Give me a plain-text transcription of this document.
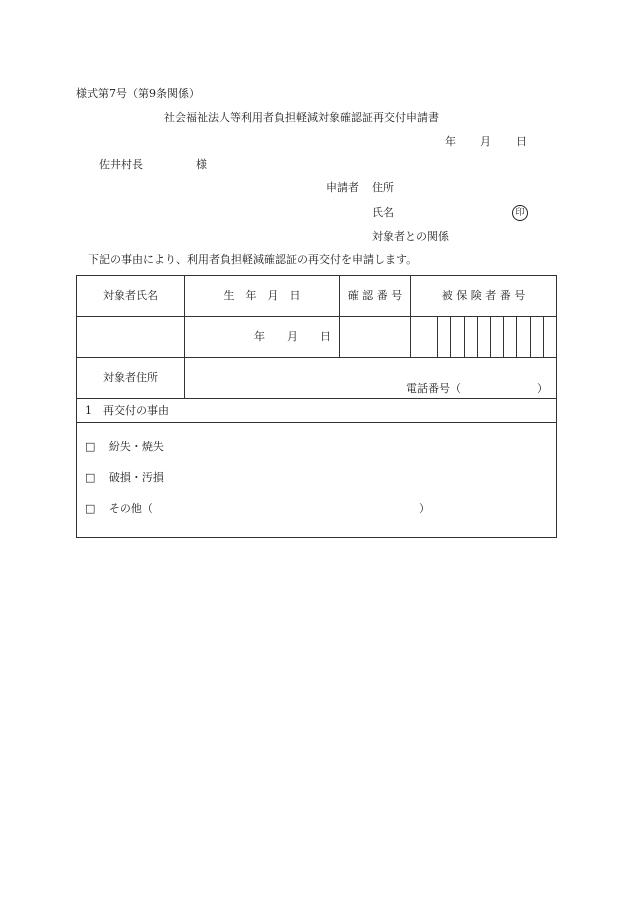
様式第7号（第9条関係）
社会福祉法人等利用者負担軽減対象確認証再交付申請書
年 月 日
佐井村長	様
申請者 住所
氏名	印
対象者との関係
下記の事由により、利用者負担軽減確認証の再交付を申請します。
対象者氏名	生　年　月　日	確 認 番 号	被 保 険 者 番 号

	年 月 日		

対象者住所	電話番号（ ）		

1　再交付の事由			

□ 紛失・焼失
□ 破損・汚損
□ その他（ ）			
